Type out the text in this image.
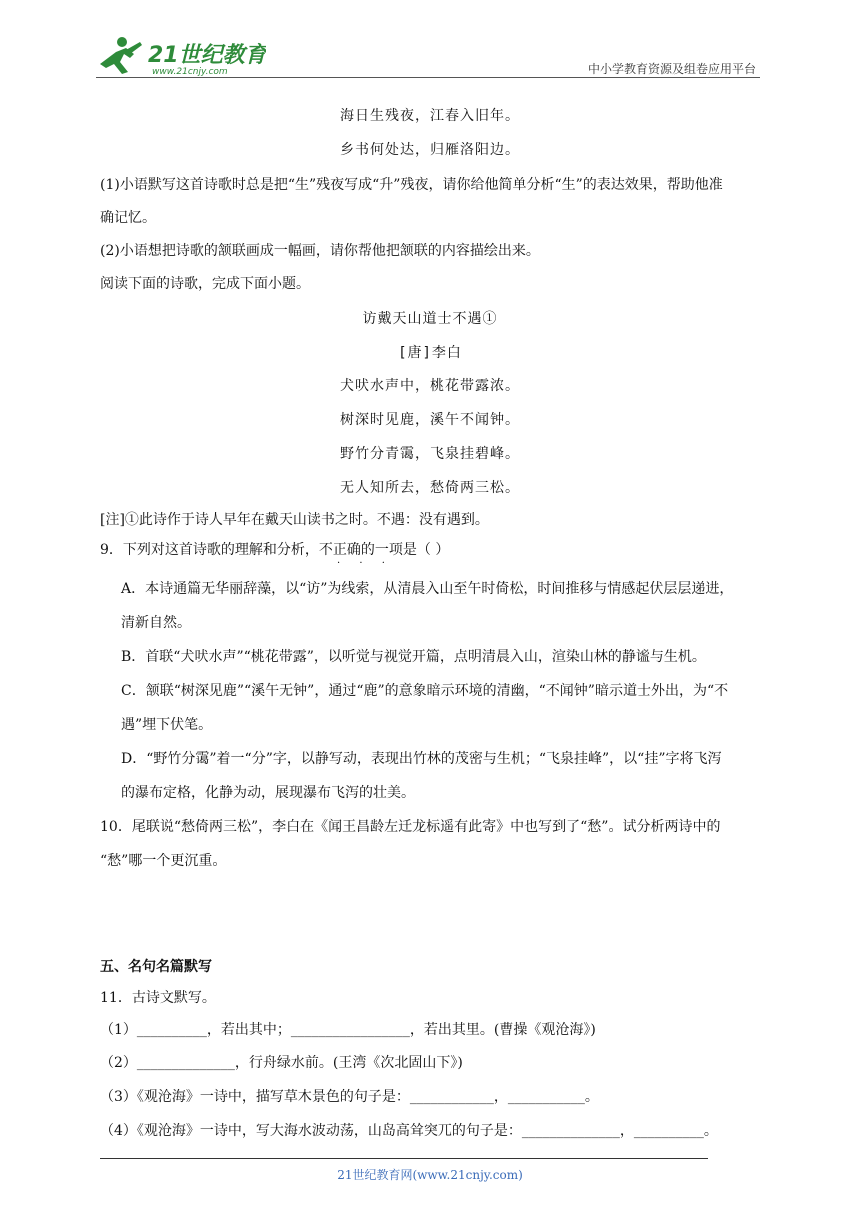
21世纪教育
www.21cnjy.com	中小学教育资源及组卷应用平台
海日生残夜，江春入旧年。
乡书何处达，归雁洛阳边。
(1)小语默写这首诗歌时总是把“生”残夜写成“升”残夜，请你给他简单分析“生”的表达效果，帮助他准
确记忆。
(2)小语想把诗歌的颔联画成一幅画，请你帮他把颔联的内容描绘出来。
阅读下面的诗歌，完成下面小题。
访戴天山道士不遇①
[唐]李白
犬吠水声中，桃花带露浓。
树深时见鹿，溪午不闻钟。
野竹分青霭，飞泉挂碧峰。
无人知所去，愁倚两三松。
[注]①此诗作于诗人早年在戴天山读书之时。不遇：没有遇到。
9．下列对这首诗歌的理解和分析，不正确的一项是（ ）
· · ·
A．本诗通篇无华丽辞藻，以“访”为线索，从清晨入山至午时倚松，时间推移与情感起伏层层递进，
清新自然。
B．首联“犬吠水声”“桃花带露”，以听觉与视觉开篇，点明清晨入山，渲染山林的静谧与生机。
C．颔联“树深见鹿”“溪午无钟”，通过“鹿”的意象暗示环境的清幽，“不闻钟”暗示道士外出，为“不
遇”埋下伏笔。
D．“野竹分霭”着一“分”字，以静写动，表现出竹林的茂密与生机；“飞泉挂峰”，以“挂”字将飞泻
的瀑布定格，化静为动，展现瀑布飞泻的壮美。
10．尾联说“愁倚两三松”，李白在《闻王昌龄左迁龙标遥有此寄》中也写到了“愁”。试分析两诗中的
“愁”哪一个更沉重。
五、名句名篇默写
11．古诗文默写。
（1）__________，若出其中；_________________，若出其里。(曹操《观沧海》)
（2）______________，行舟绿水前。(王湾《次北固山下》)
（3）《观沧海》一诗中，描写草木景色的句子是：____________，___________。
（4）《观沧海》一诗中，写大海水波动荡，山岛高耸突兀的句子是：______________，__________。
21世纪教育网(www.21cnjy.com)
